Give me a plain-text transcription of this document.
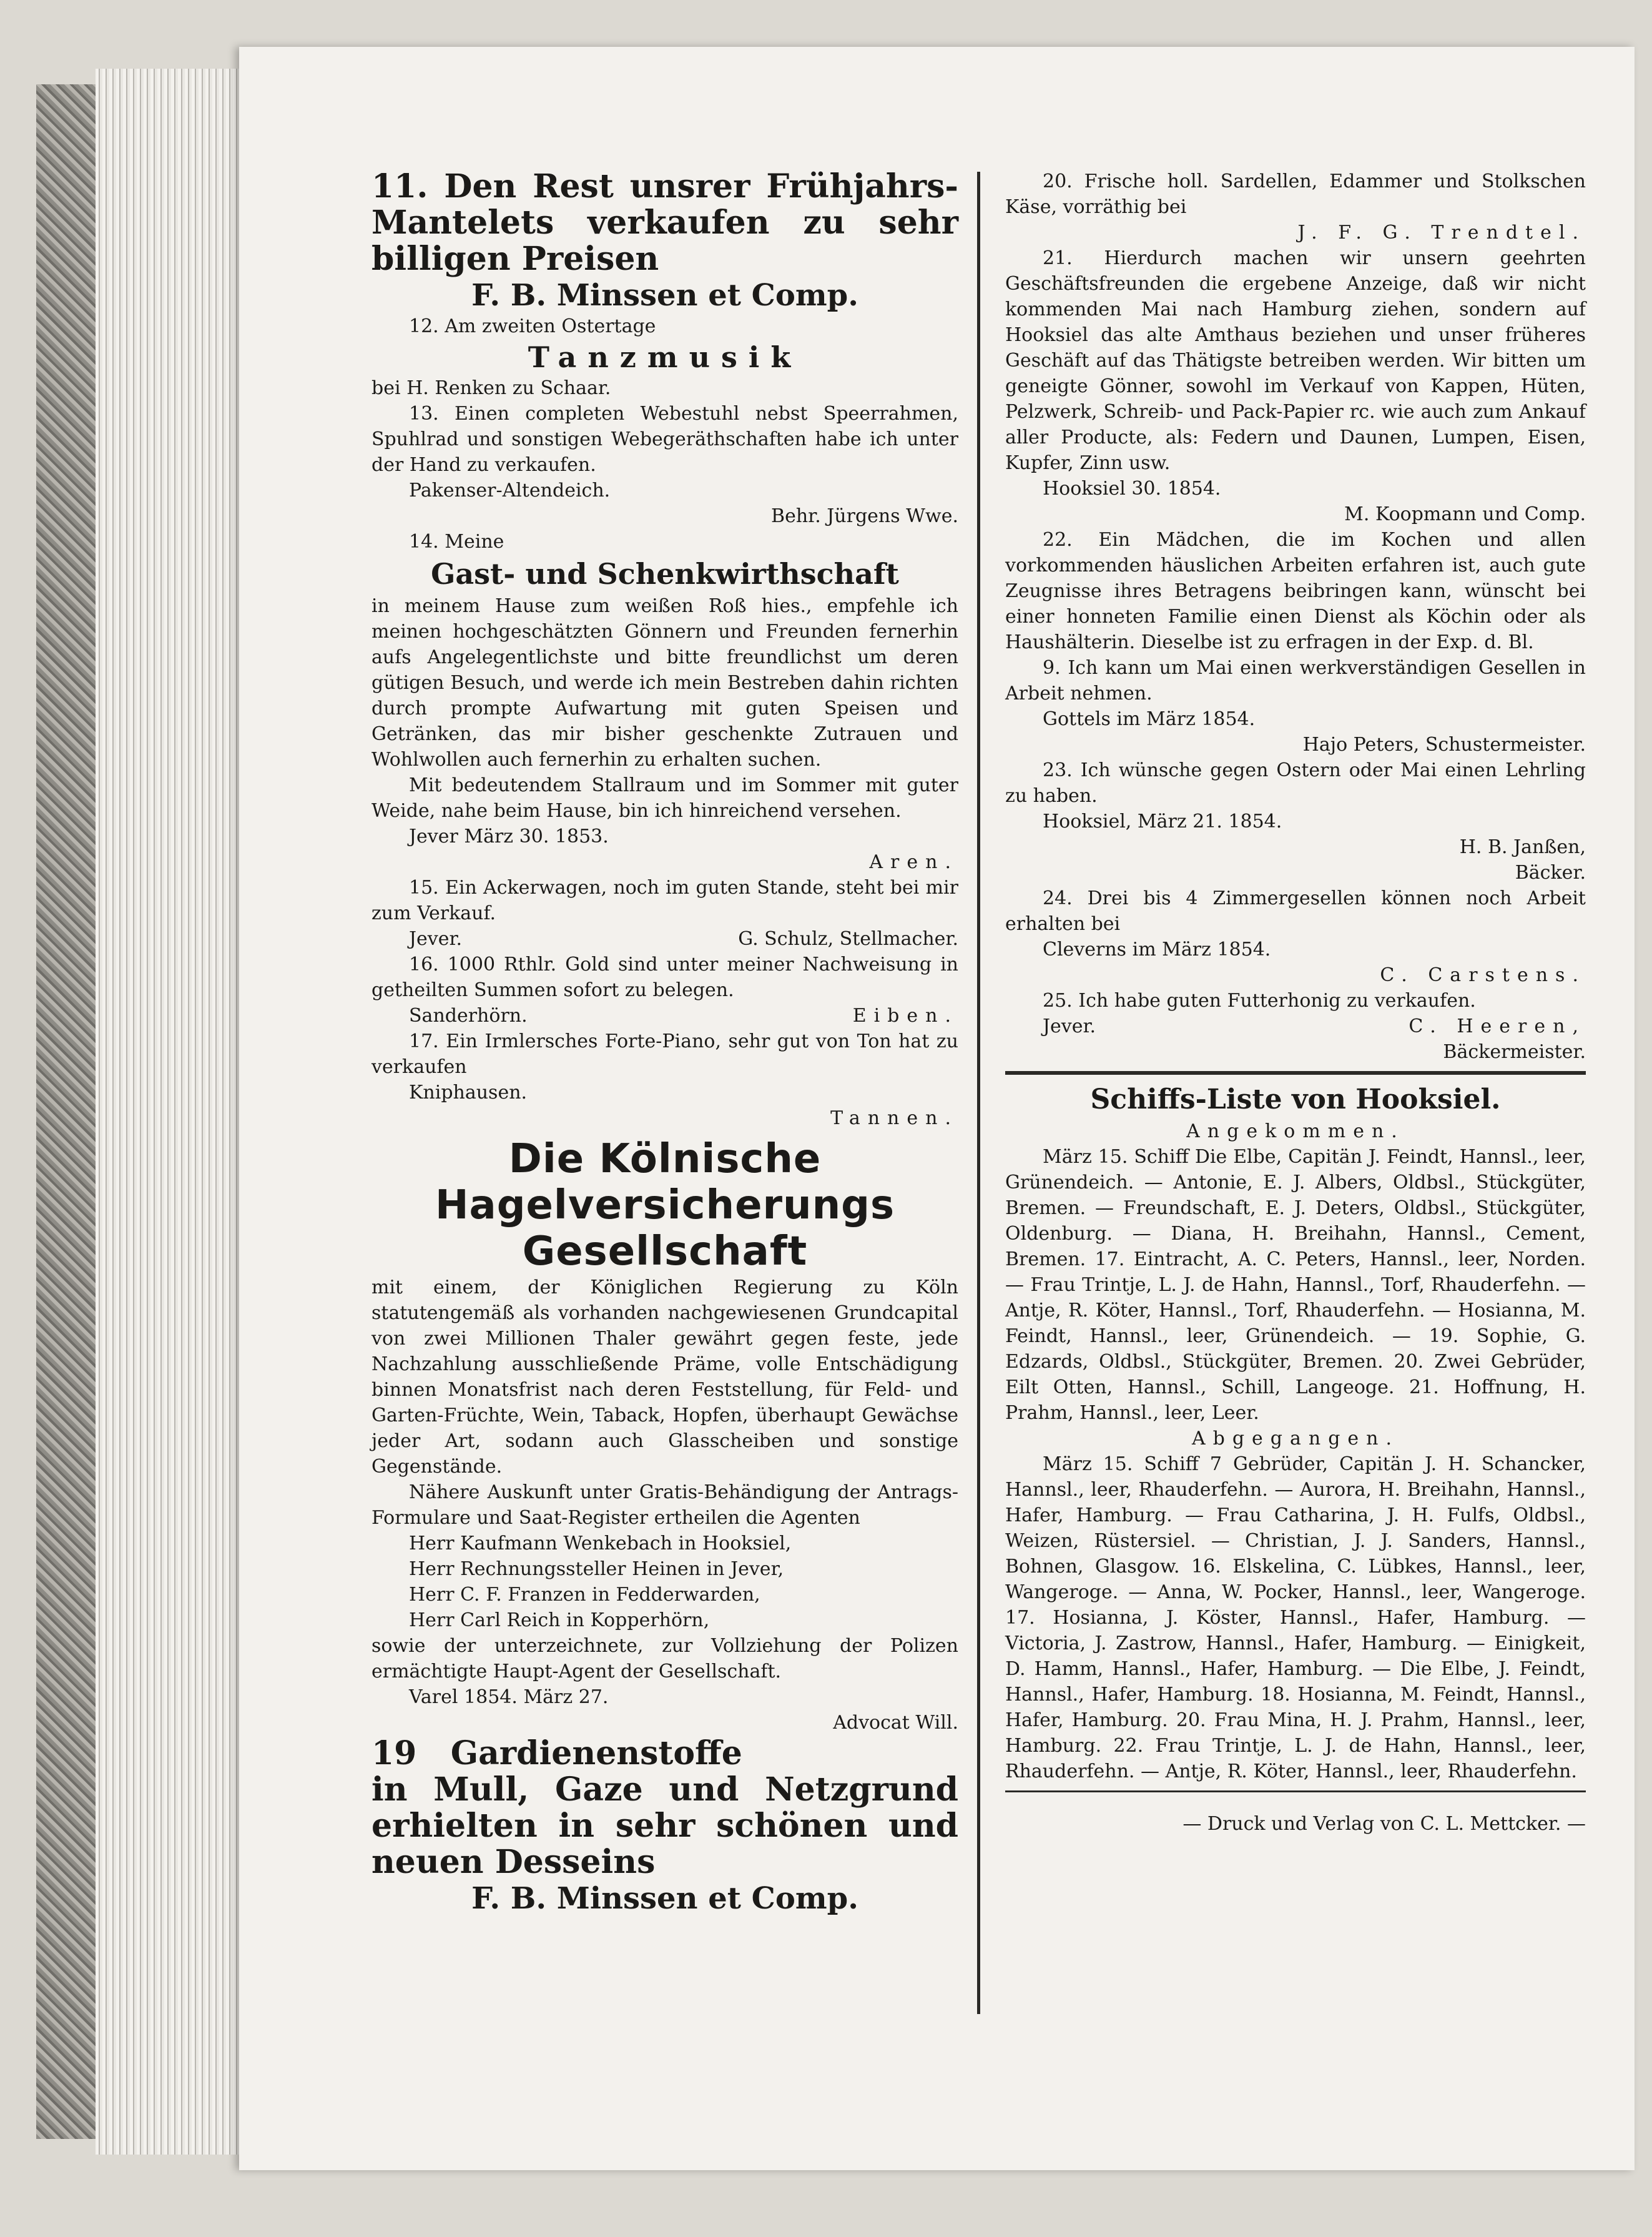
11. Den Rest unsrer Frühjahrs-Mantelets verkaufen zu sehr billigen Preisen
F. B. Minssen et Comp.

12. Am zweiten Ostertage

Tanzmusik

bei H. Renken zu Schaar.

13. Einen completen Webestuhl nebst Speerrahmen, Spuhlrad und sonstigen Webegeräthschaften habe ich unter der Hand zu verkaufen.

Pakenser-Altendeich.

Behr. Jürgens Wwe.

14. Meine

Gast- und Schenkwirthschaft

in meinem Hause zum weißen Roß hies., empfehle ich meinen hochgeschätzten Gönnern und Freunden fernerhin aufs Angelegentlichste und bitte freundlichst um deren gütigen Besuch, und werde ich mein Bestreben dahin richten durch prompte Aufwartung mit guten Speisen und Getränken, das mir bisher geschenkte Zutrauen und Wohlwollen auch fernerhin zu erhalten suchen.

Mit bedeutendem Stallraum und im Sommer mit guter Weide, nahe beim Hause, bin ich hinreichend versehen.

Jever März 30. 1853.

Aren.

15. Ein Ackerwagen, noch im guten Stande, steht bei mir zum Verkauf.

Jever.	G. Schulz, Stellmacher.

16. 1000 Rthlr. Gold sind unter meiner Nachweisung in getheilten Summen sofort zu belegen.

Sanderhörn.	Eiben.

17. Ein Irmlersches Forte-Piano, sehr gut von Ton hat zu verkaufen

Kniphausen.

Tannen.

Die Kölnische
Hagelversicherungs
Gesellschaft

mit einem, der Königlichen Regierung zu Köln statutengemäß als vorhanden nachgewiesenen Grundcapital von zwei Millionen Thaler gewährt gegen feste, jede Nachzahlung ausschließende Präme, volle Entschädigung binnen Monatsfrist nach deren Feststellung, für Feld- und Garten-Früchte, Wein, Taback, Hopfen, überhaupt Gewächse jeder Art, sodann auch Glasscheiben und sonstige Gegenstände.

Nähere Auskunft unter Gratis-Behändigung der Antrags-Formulare und Saat-Register ertheilen die Agenten

Herr Kaufmann Wenkebach in Hooksiel,

Herr Rechnungssteller Heinen in Jever,

Herr C. F. Franzen in Fedderwarden,

Herr Carl Reich in Kopperhörn,

sowie der unterzeichnete, zur Vollziehung der Polizen ermächtigte Haupt-Agent der Gesellschaft.

Varel 1854. März 27.

Advocat Will.

19 Gardienenstoffe
in Mull, Gaze und Netzgrund erhielten in sehr schönen und neuen Desseins
F. B. Minssen et Comp.

20. Frische holl. Sardellen, Edammer und Stolkschen Käse, vorräthig bei

J. F. G. Trendtel.

21. Hierdurch machen wir unsern geehrten Geschäftsfreunden die ergebene Anzeige, daß wir nicht kommenden Mai nach Hamburg ziehen, sondern auf Hooksiel das alte Amthaus beziehen und unser früheres Geschäft auf das Thätigste betreiben werden. Wir bitten um geneigte Gönner, sowohl im Verkauf von Kappen, Hüten, Pelzwerk, Schreib- und Pack-Papier rc. wie auch zum Ankauf aller Producte, als: Federn und Daunen, Lumpen, Eisen, Kupfer, Zinn usw.

Hooksiel 30. 1854.

M. Koopmann und Comp.

22. Ein Mädchen, die im Kochen und allen vorkommenden häuslichen Arbeiten erfahren ist, auch gute Zeugnisse ihres Betragens beibringen kann, wünscht bei einer honneten Familie einen Dienst als Köchin oder als Haushälterin. Dieselbe ist zu erfragen in der Exp. d. Bl.

9. Ich kann um Mai einen werkverständigen Gesellen in Arbeit nehmen.

Gottels im März 1854.

Hajo Peters, Schustermeister.

23. Ich wünsche gegen Ostern oder Mai einen Lehrling zu haben.

Hooksiel, März 21. 1854.

H. B. Janßen,

Bäcker.

24. Drei bis 4 Zimmergesellen können noch Arbeit erhalten bei

Cleverns im März 1854.

C. Carstens.

25. Ich habe guten Futterhonig zu verkaufen.

Jever.	C. Heeren,

Bäckermeister.

Schiffs-Liste von Hooksiel.

Angekommen.

März 15. Schiff Die Elbe, Capitän J. Feindt, Hannsl., leer, Grünendeich. — Antonie, E. J. Albers, Oldbsl., Stückgüter, Bremen. — Freundschaft, E. J. Deters, Oldbsl., Stückgüter, Oldenburg. — Diana, H. Breihahn, Hannsl., Cement, Bremen. 17. Eintracht, A. C. Peters, Hannsl., leer, Norden. — Frau Trintje, L. J. de Hahn, Hannsl., Torf, Rhauderfehn. — Antje, R. Köter, Hannsl., Torf, Rhauderfehn. — Hosianna, M. Feindt, Hannsl., leer, Grünendeich. — 19. Sophie, G. Edzards, Oldbsl., Stückgüter, Bremen. 20. Zwei Gebrüder, Eilt Otten, Hannsl., Schill, Langeoge. 21. Hoffnung, H. Prahm, Hannsl., leer, Leer.

Abgegangen.

März 15. Schiff 7 Gebrüder, Capitän J. H. Schancker, Hannsl., leer, Rhauderfehn. — Aurora, H. Breihahn, Hannsl., Hafer, Hamburg. — Frau Catharina, J. H. Fulfs, Oldbsl., Weizen, Rüstersiel. — Christian, J. J. Sanders, Hannsl., Bohnen, Glasgow. 16. Elskelina, C. Lübkes, Hannsl., leer, Wangeroge. — Anna, W. Pocker, Hannsl., leer, Wangeroge. 17. Hosianna, J. Köster, Hannsl., Hafer, Hamburg. — Victoria, J. Zastrow, Hannsl., Hafer, Hamburg. — Einigkeit, D. Hamm, Hannsl., Hafer, Hamburg. — Die Elbe, J. Feindt, Hannsl., Hafer, Hamburg. 18. Hosianna, M. Feindt, Hannsl., Hafer, Hamburg. 20. Frau Mina, H. J. Prahm, Hannsl., leer, Hamburg. 22. Frau Trintje, L. J. de Hahn, Hannsl., leer, Rhauderfehn. — Antje, R. Köter, Hannsl., leer, Rhauderfehn.

— Druck und Verlag von C. L. Mettcker. —
